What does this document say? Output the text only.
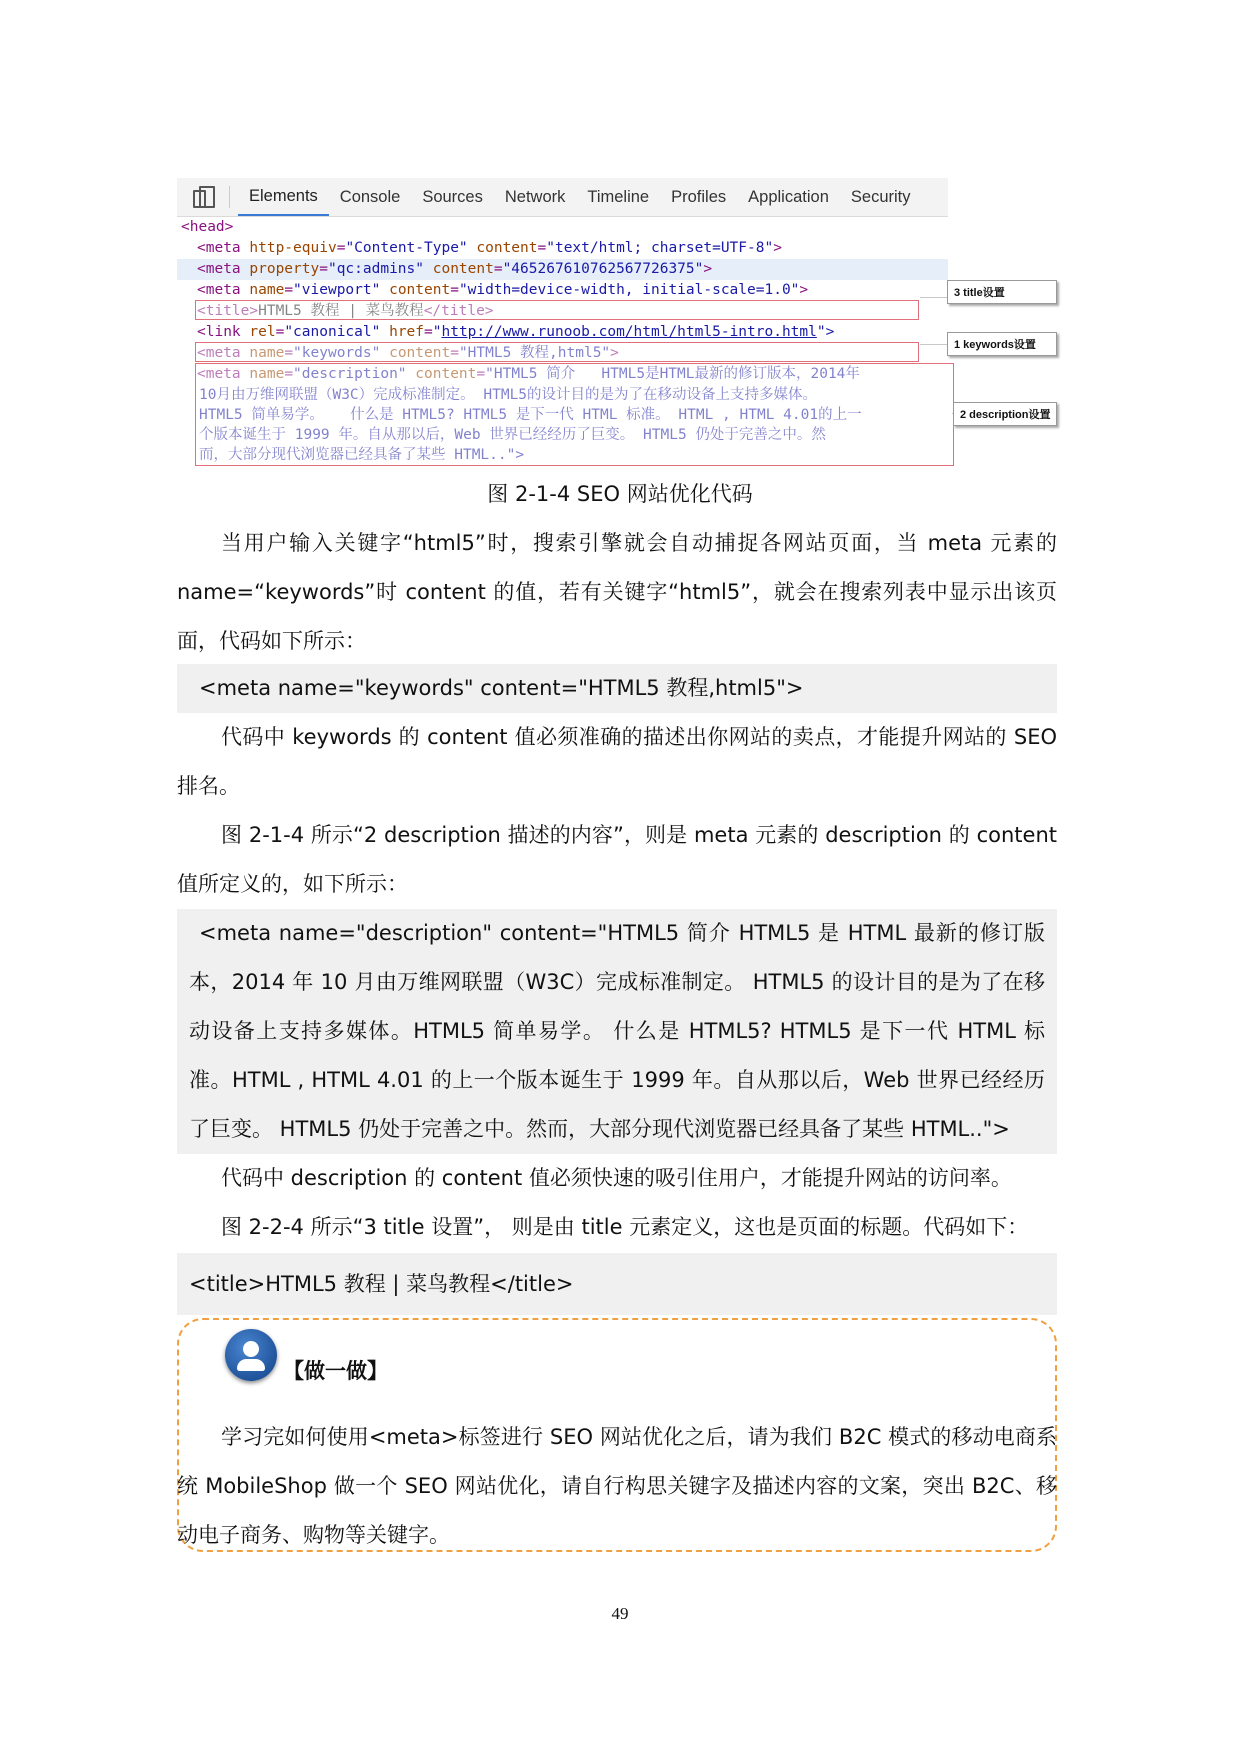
Elements	Console	Sources	Network	Timeline	Profiles	Application	Security
<head>
<meta http-equiv="Content-Type" content="text/html; charset=UTF-8">
<meta property="qc:admins" content="465267610762567726375">
<meta name="viewport" content="width=device-width, initial-scale=1.0">
<title>HTML5 教程 | 菜鸟教程</title>
<link rel="canonical" href="http://www.runoob.com/html/html5-intro.html">
<meta name="keywords" content="HTML5 教程,html5">
<meta name="description" content="HTML5 简介   HTML5是HTML最新的修订版本，2014年
10月由万维网联盟（W3C）完成标准制定。 HTML5的设计目的是为了在移动设备上支持多媒体。
HTML5 简单易学。   什么是 HTML5? HTML5 是下一代 HTML 标准。 HTML , HTML 4.01的上一
个版本诞生于 1999 年。自从那以后，Web 世界已经经历了巨变。 HTML5 仍处于完善之中。然
而，大部分现代浏览器已经具备了某些 HTML..">
3 title设置
1 keywords设置
2 description设置
图 2-1-4 SEO 网站优化代码
当用户输入关键字“html5”时，搜索引擎就会自动捕捉各网站页面，当 meta 元素的 name=“keywords”时 content 的值，若有关键字“html5”，就会在搜索列表中显示出该页面，代码如下所示：
<meta name="keywords" content="HTML5 教程,html5">
代码中 keywords 的 content 值必须准确的描述出你网站的卖点，才能提升网站的 SEO 排名。
图 2-1-4 所示“2 description 描述的内容”，则是 meta 元素的 description 的 content 值所定义的，如下所示：
<meta name="description" content="HTML5 简介 HTML5 是 HTML 最新的修订版本，2014 年 10 月由万维网联盟（W3C）完成标准制定。 HTML5 的设计目的是为了在移动设备上支持多媒体。HTML5 简单易学。 什么是 HTML5? HTML5 是下一代 HTML 标准。HTML , HTML 4.01 的上一个版本诞生于 1999 年。自从那以后，Web 世界已经经历了巨变。 HTML5 仍处于完善之中。然而，大部分现代浏览器已经具备了某些 HTML..">
代码中 description 的 content 值必须快速的吸引住用户，才能提升网站的访问率。
图 2-2-4 所示“3 title 设置”， 则是由 title 元素定义，这也是页面的标题。代码如下：
<title>HTML5 教程 | 菜鸟教程</title>
【做一做】
学习完如何使用<meta>标签进行 SEO 网站优化之后，请为我们 B2C 模式的移动电商系统 MobileShop 做一个 SEO 网站优化，请自行构思关键字及描述内容的文案，突出 B2C、移动电子商务、购物等关键字。
49
